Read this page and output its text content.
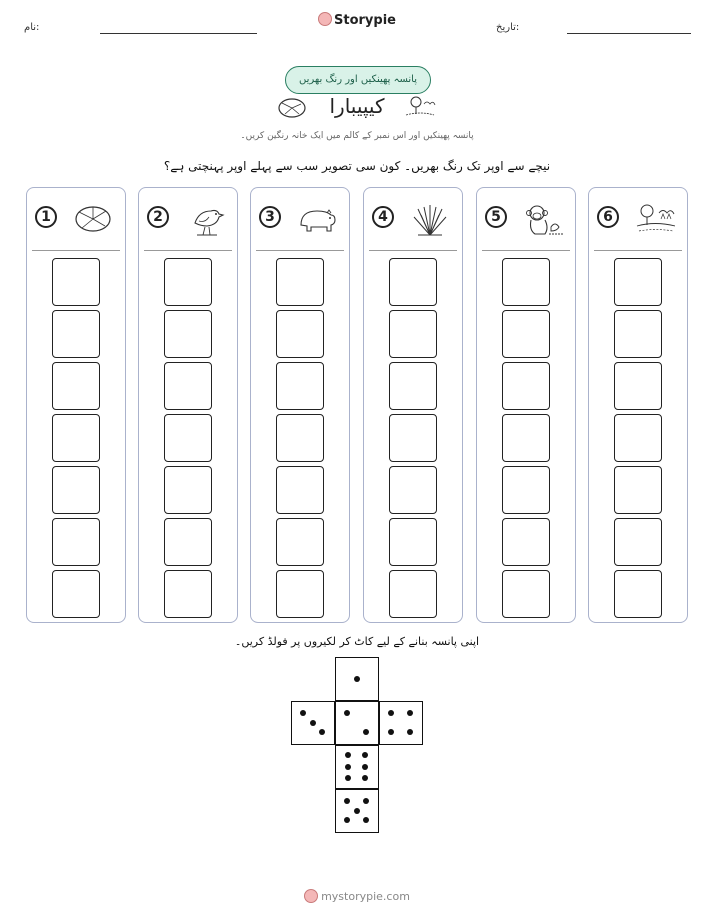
نام:	Storypie	تاریخ:
پانسہ پھینکیں اور رنگ بھریں
کیپیبارا
پانسہ پھینکیں اور اس نمبر کے کالم میں ایک خانہ رنگین کریں۔
نیچے سے اوپر تک رنگ بھریں۔ کون سی تصویر سب سے پہلے اوپر پہنچتی ہے؟
1	2	3	4	5	6
اپنی پانسہ بنانے کے لیے کاٹ کر لکیروں پر فولڈ کریں۔
mystorypie.com
